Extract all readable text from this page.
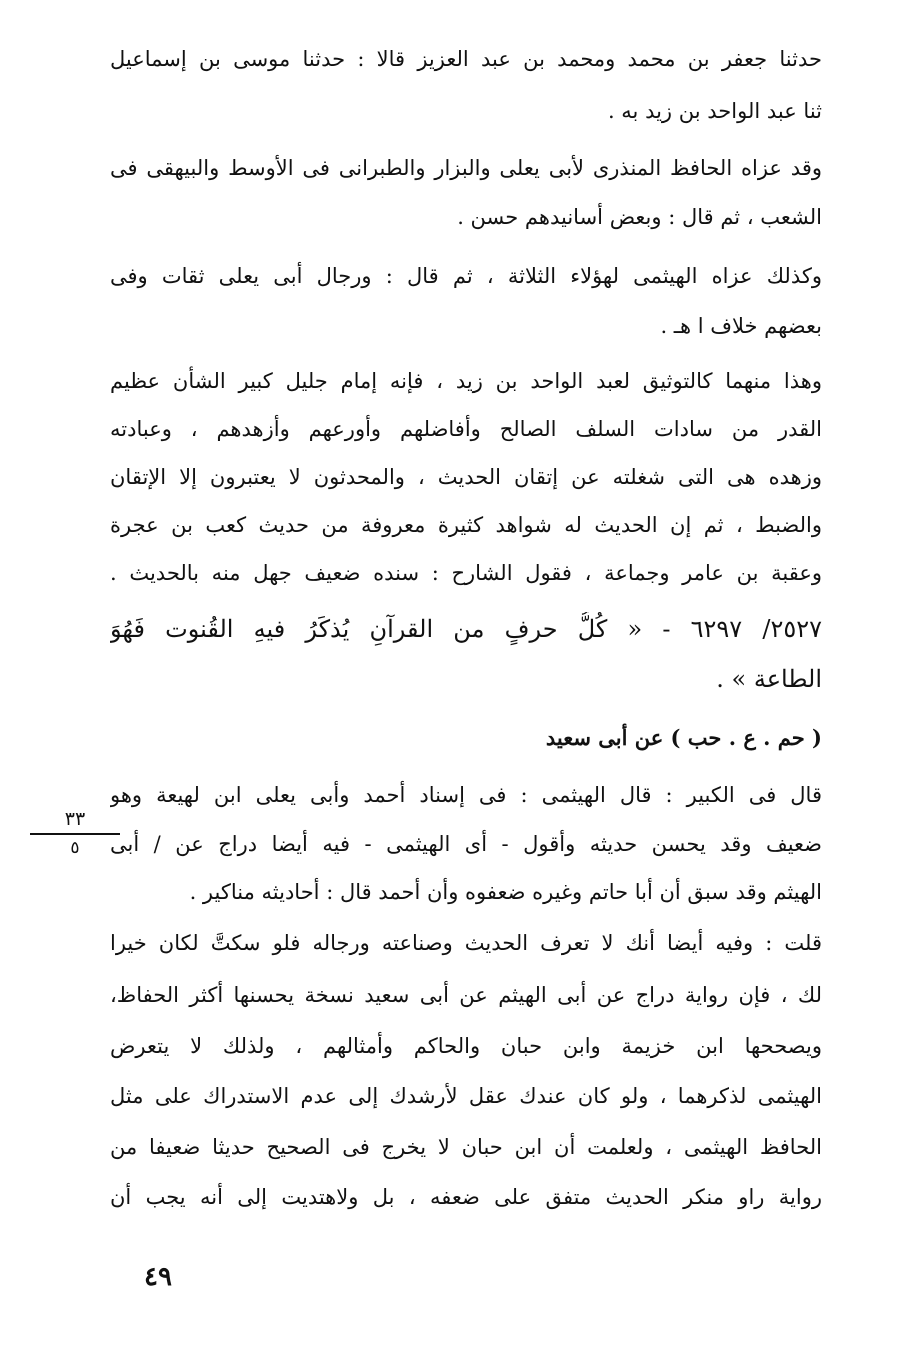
حدثنا جعفر بن محمد ومحمد بن عبد العزيز قالا : حدثنا موسى بن إسماعيل
ثنا عبد الواحد بن زيد به .
وقد عزاه الحافظ المنذرى لأبى يعلى والبزار والطبرانى فى الأوسط والبيهقى فى
الشعب ، ثم قال : وبعض أسانيدهم حسن .
وكذلك عزاه الهيثمى لهؤلاء الثلاثة ، ثم قال : ورجال أبى يعلى ثقات وفى
بعضهم خلاف ا هـ .
وهذا منهما كالتوثيق لعبد الواحد بن زيد ، فإنه إمام جليل كبير الشأن عظيم
القدر من سادات السلف الصالح وأفاضلهم وأورعهم وأزهدهم ، وعبادته
وزهده هى التى شغلته عن إتقان الحديث ، والمحدثون لا يعتبرون إلا الإتقان
والضبط ، ثم إن الحديث له شواهد كثيرة معروفة من حديث كعب بن عجرة
وعقبة بن عامر وجماعة ، فقول الشارح : سنده ضعيف جهل منه بالحديث .
٢٥٢٧/ ٦٢٩٧ - « كُلُّ حرفٍ من القرآنِ يُذكَرُ فيهِ القُنوت فَهُوَ
الطاعة » .
( حم . ع . حب ) عن أبى سعيد
قال فى الكبير : قال الهيثمى : فى إسناد أحمد وأبى يعلى ابن لهيعة وهو
ضعيف وقد يحسن حديثه وأقول - أى الهيثمى - فيه أيضا دراج عن / أبى
الهيثم وقد سبق أن أبا حاتم وغيره ضعفوه وأن أحمد قال : أحاديثه مناكير .
قلت : وفيه أيضا أنك لا تعرف الحديث وصناعته ورجاله فلو سكتَّ لكان خيرا
لك ، فإن رواية دراج عن أبى الهيثم عن أبى سعيد نسخة يحسنها أكثر الحفاظ،
ويصححها ابن خزيمة وابن حبان والحاكم وأمثالهم ، ولذلك لا يتعرض
الهيثمى لذكرهما ، ولو كان عندك عقل لأرشدك إلى عدم الاستدراك على مثل
الحافظ الهيثمى ، ولعلمت أن ابن حبان لا يخرج فى الصحيح حديثا ضعيفا من
رواية راو منكر الحديث متفق على ضعفه ، بل ولاهتديت إلى أنه يجب أن
٣٣
٥
٤٩
